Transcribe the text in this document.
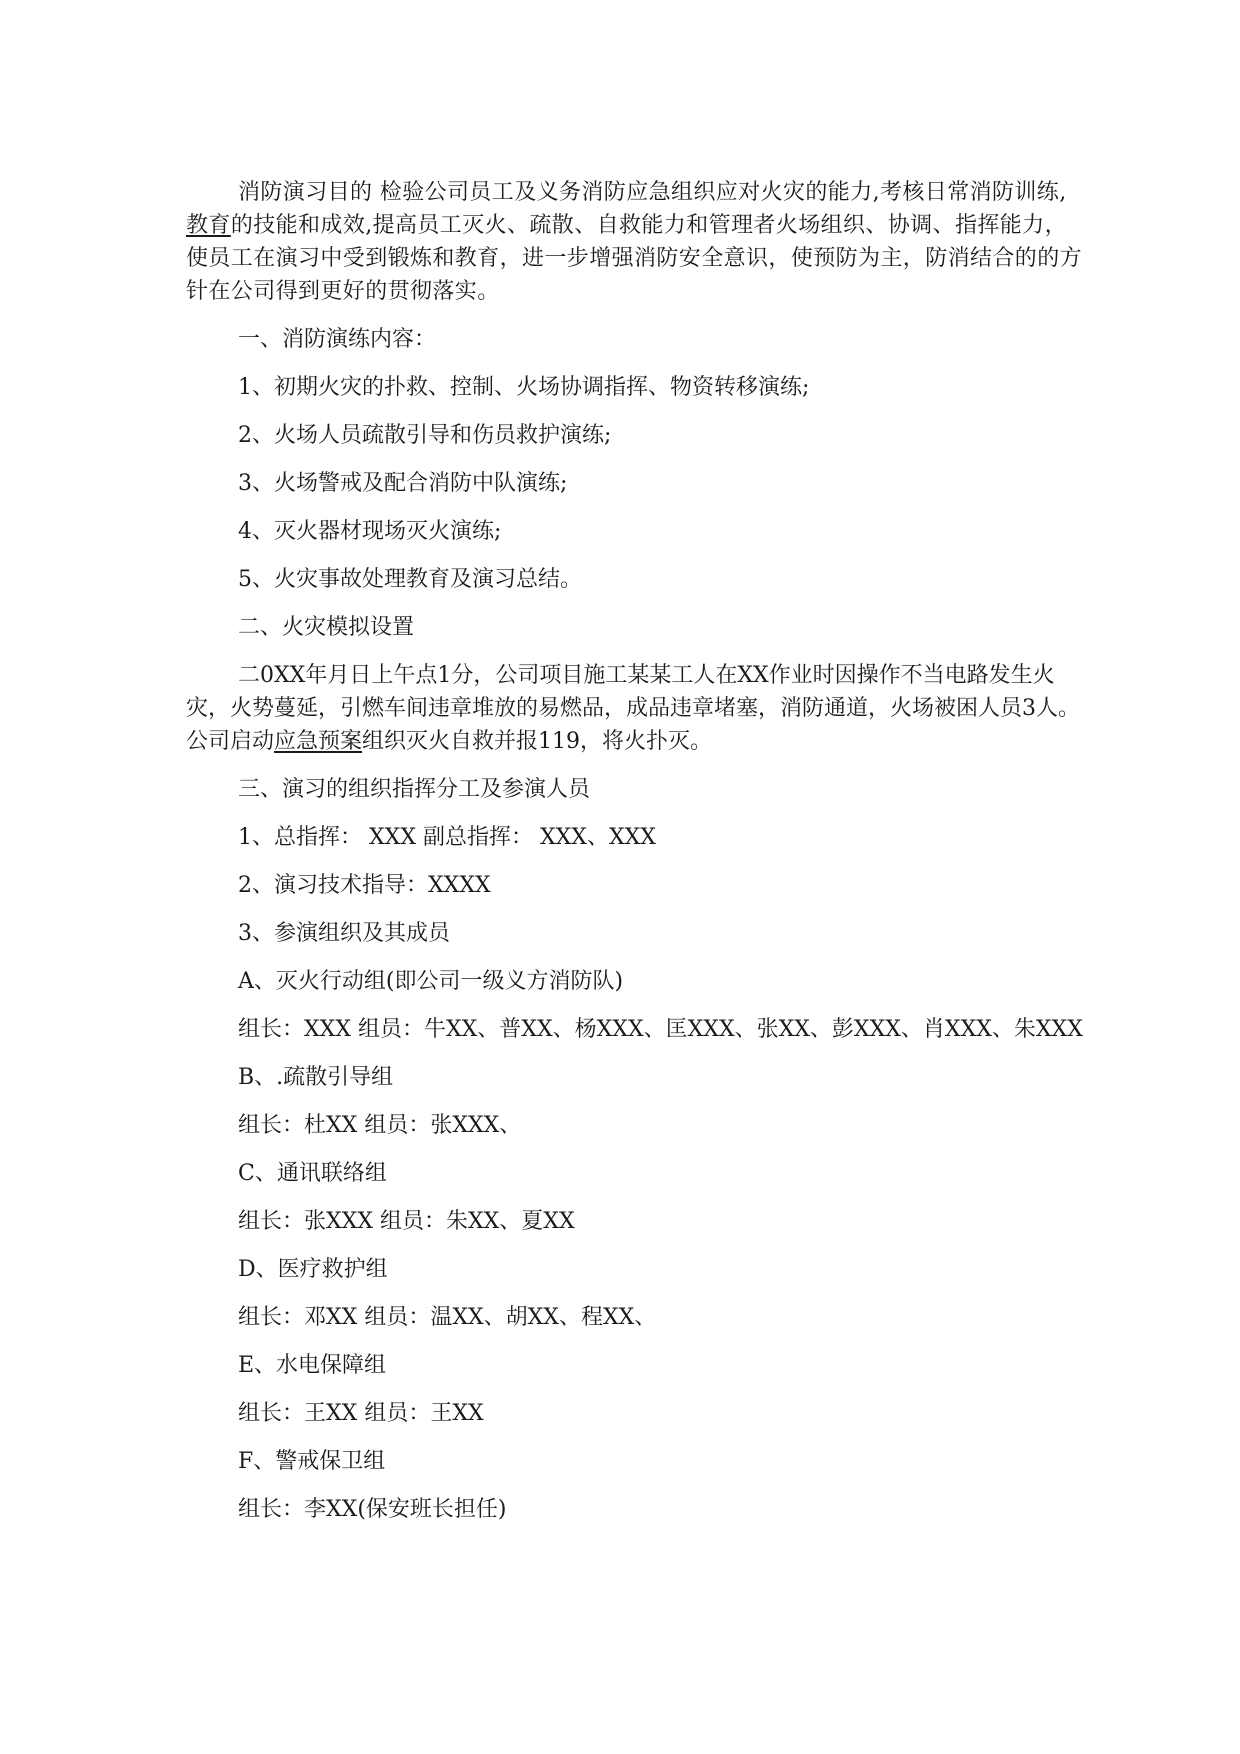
消防演习目的 检验公司员工及义务消防应急组织应对火灾的能力,考核日常消防训练,教育的技能和成效,提高员工灭火、疏散、自救能力和管理者火场组织、协调、指挥能力，使员工在演习中受到锻炼和教育，进一步增强消防安全意识，使预防为主，防消结合的的方针在公司得到更好的贯彻落实。

一、消防演练内容：

1、初期火灾的扑救、控制、火场协调指挥、物资转移演练;

2、火场人员疏散引导和伤员救护演练;

3、火场警戒及配合消防中队演练;

4、灭火器材现场灭火演练;

5、火灾事故处理教育及演习总结。

二、火灾模拟设置

二0XX年月日上午点1分，公司项目施工某某工人在XX作业时因操作不当电路发生火灾，火势蔓延，引燃车间违章堆放的易燃品，成品违章堵塞，消防通道，火场被困人员3人。公司启动应急预案组织灭火自救并报119，将火扑灭。

三、演习的组织指挥分工及参演人员

1、总指挥： XXX 副总指挥： XXX、XXX

2、演习技术指导：XXXX

3、参演组织及其成员

A、灭火行动组(即公司一级义方消防队)

组长：XXX 组员：牛XX、普XX、杨XXX、匡XXX、张XX、彭XXX、肖XXX、朱XXX

B、.疏散引导组

组长：杜XX 组员：张XXX、

C、通讯联络组

组长：张XXX 组员：朱XX、夏XX

D、医疗救护组

组长：邓XX 组员：温XX、胡XX、程XX、

E、水电保障组

组长：王XX 组员：王XX

F、警戒保卫组

组长：李XX(保安班长担任)
